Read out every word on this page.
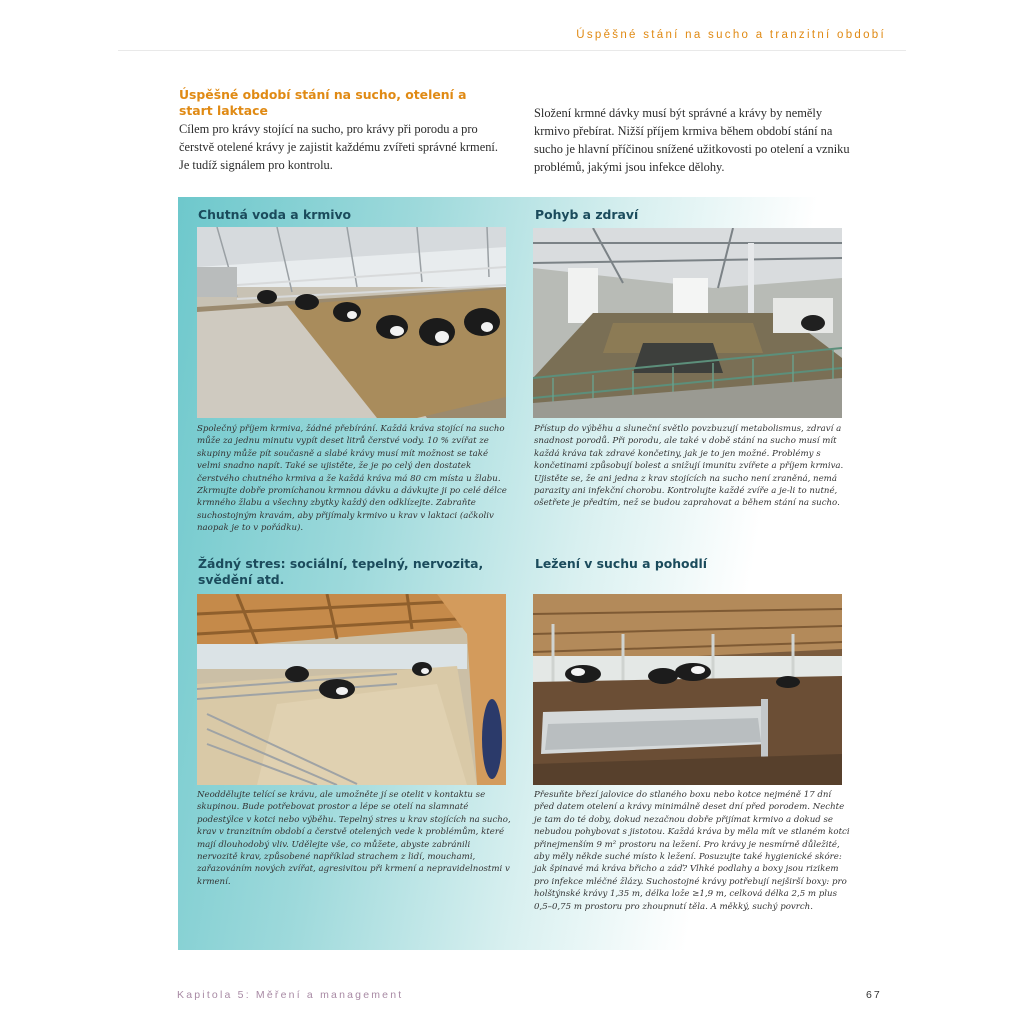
Úspěšné stání na sucho a tranzitní období
Úspěšné období stání na sucho, otelení a start laktace

Cílem pro krávy stojící na sucho, pro krávy při porodu a pro čerstvě otelené krávy je zajistit každému zvířeti správné krmení. Je tudíž signálem pro kontrolu.

Složení krmné dávky musí být správné a krávy by neměly krmivo přebírat. Nižší příjem krmiva během období stání na sucho je hlavní příčinou snížené užitkovosti po otelení a vzniku problémů, jakými jsou infekce dělohy.

Chutná voda a krmivo

Společný příjem krmiva, žádné přebírání. Každá kráva stojící na sucho může za jednu minutu vypít deset litrů čerstvé vody. 10 % zvířat ze skupiny může pít současně a slabé krávy musí mít možnost se také velmi snadno napít. Také se ujistěte, že je po celý den dostatek čerstvého chutného krmiva a že každá kráva má 80 cm místa u žlabu. Zkrmujte dobře promíchanou krmnou dávku a dávkujte ji po celé délce krmného žlabu a všechny zbytky každý den odklízejte. Zabraňte suchostojným kravám, aby přijímaly krmivo u krav v laktaci (ačkoliv naopak je to v pořádku).

Pohyb a zdraví

Přístup do výběhu a sluneční světlo povzbuzují metabolismus, zdraví a snadnost porodů. Při porodu, ale také v době stání na sucho musí mít každá kráva tak zdravé končetiny, jak je to jen možné. Problémy s končetinami způsobují bolest a snižují imunitu zvířete a příjem krmiva. Ujistěte se, že ani jedna z krav stojících na sucho není zraněná, nemá parazity ani infekční chorobu. Kontrolujte každé zvíře a je-li to nutné, ošetřete je předtím, než se budou zaprahovat a během stání na sucho.

Žádný stres: sociální, tepelný, nervozita, svědění atd.

Neoddělujte telící se krávu, ale umožněte jí se otelit v kontaktu se skupinou. Bude potřebovat prostor a lépe se otelí na slamnaté podestýlce v kotci nebo výběhu. Tepelný stres u krav stojících na sucho, krav v tranzitním období a čerstvě otelených vede k problémům, které mají dlouhodobý vliv. Udělejte vše, co můžete, abyste zabránili nervozitě krav, způsobené například strachem z lidí, mouchami, zařazováním nových zvířat, agresivitou při krmení a nepravidelnostmi v krmení.

Ležení v suchu a pohodlí

Přesuňte březí jalovice do stlaného boxu nebo kotce nejméně 17 dní před datem otelení a krávy minimálně deset dní před porodem. Nechte je tam do té doby, dokud nezačnou dobře přijímat krmivo a dokud se nebudou pohybovat s jistotou. Každá kráva by měla mít ve stlaném kotci přinejmenším 9 m² prostoru na ležení. Pro krávy je nesmírně důležité, aby měly někde suché místo k ležení. Posuzujte také hygienické skóre: jak špinavé má kráva břicho a záď? Vlhké podlahy a boxy jsou rizikem pro infekce mléčné žlázy. Suchostojné krávy potřebují nejširší boxy: pro holštýnské krávy 1,35 m, délka lože ≥1,9 m, celková délka 2,5 m plus 0,5–0,75 m prostoru pro zhoupnutí těla. A měkký, suchý povrch.

Kapitola 5: Měření a management	67
